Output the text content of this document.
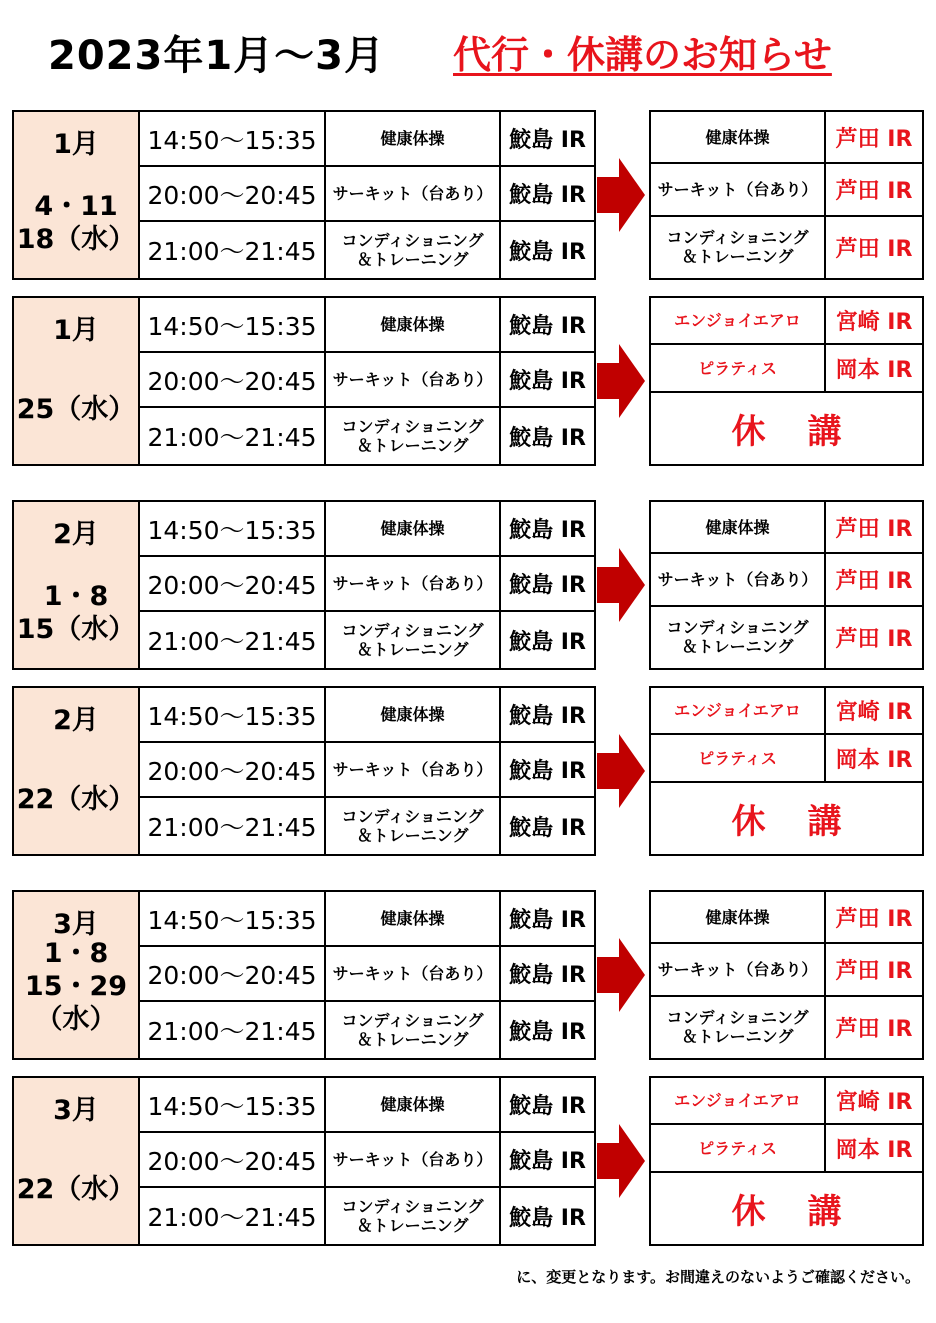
2023年1月～3月 代行・休講のお知らせ
1月
4・11
18（水）	14:50～15:35	健康体操	鮫島 IR
	20:00～20:45	サーキット（台あり）	鮫島 IR
	21:00～21:45	コンディショニング
＆トレーニング	鮫島 IR
健康体操	芦田 IR

サーキット（台あり）	芦田 IR

コンディショニング
＆トレーニング	芦田 IR
1月
25（水）	14:50～15:35	健康体操	鮫島 IR
	20:00～20:45	サーキット（台あり）	鮫島 IR
	21:00～21:45	コンディショニング
＆トレーニング	鮫島 IR
エンジョイエアロ	宮崎 IR

ピラティス	岡本 IR
休講	
2月
1・8
15（水）	14:50～15:35	健康体操	鮫島 IR
	20:00～20:45	サーキット（台あり）	鮫島 IR
	21:00～21:45	コンディショニング
＆トレーニング	鮫島 IR
健康体操	芦田 IR

サーキット（台あり）	芦田 IR

コンディショニング
＆トレーニング	芦田 IR
2月
22（水）	14:50～15:35	健康体操	鮫島 IR
	20:00～20:45	サーキット（台あり）	鮫島 IR
	21:00～21:45	コンディショニング
＆トレーニング	鮫島 IR
エンジョイエアロ	宮崎 IR

ピラティス	岡本 IR
休講	
3月
1・8
15・29
（水）	14:50～15:35	健康体操	鮫島 IR
	20:00～20:45	サーキット（台あり）	鮫島 IR
	21:00～21:45	コンディショニング
＆トレーニング	鮫島 IR
健康体操	芦田 IR

サーキット（台あり）	芦田 IR

コンディショニング
＆トレーニング	芦田 IR
3月
22（水）	14:50～15:35	健康体操	鮫島 IR
	20:00～20:45	サーキット（台あり）	鮫島 IR
	21:00～21:45	コンディショニング
＆トレーニング	鮫島 IR
エンジョイエアロ	宮崎 IR

ピラティス	岡本 IR
休講	
に、変更となります。お間違えのないようご確認ください。
